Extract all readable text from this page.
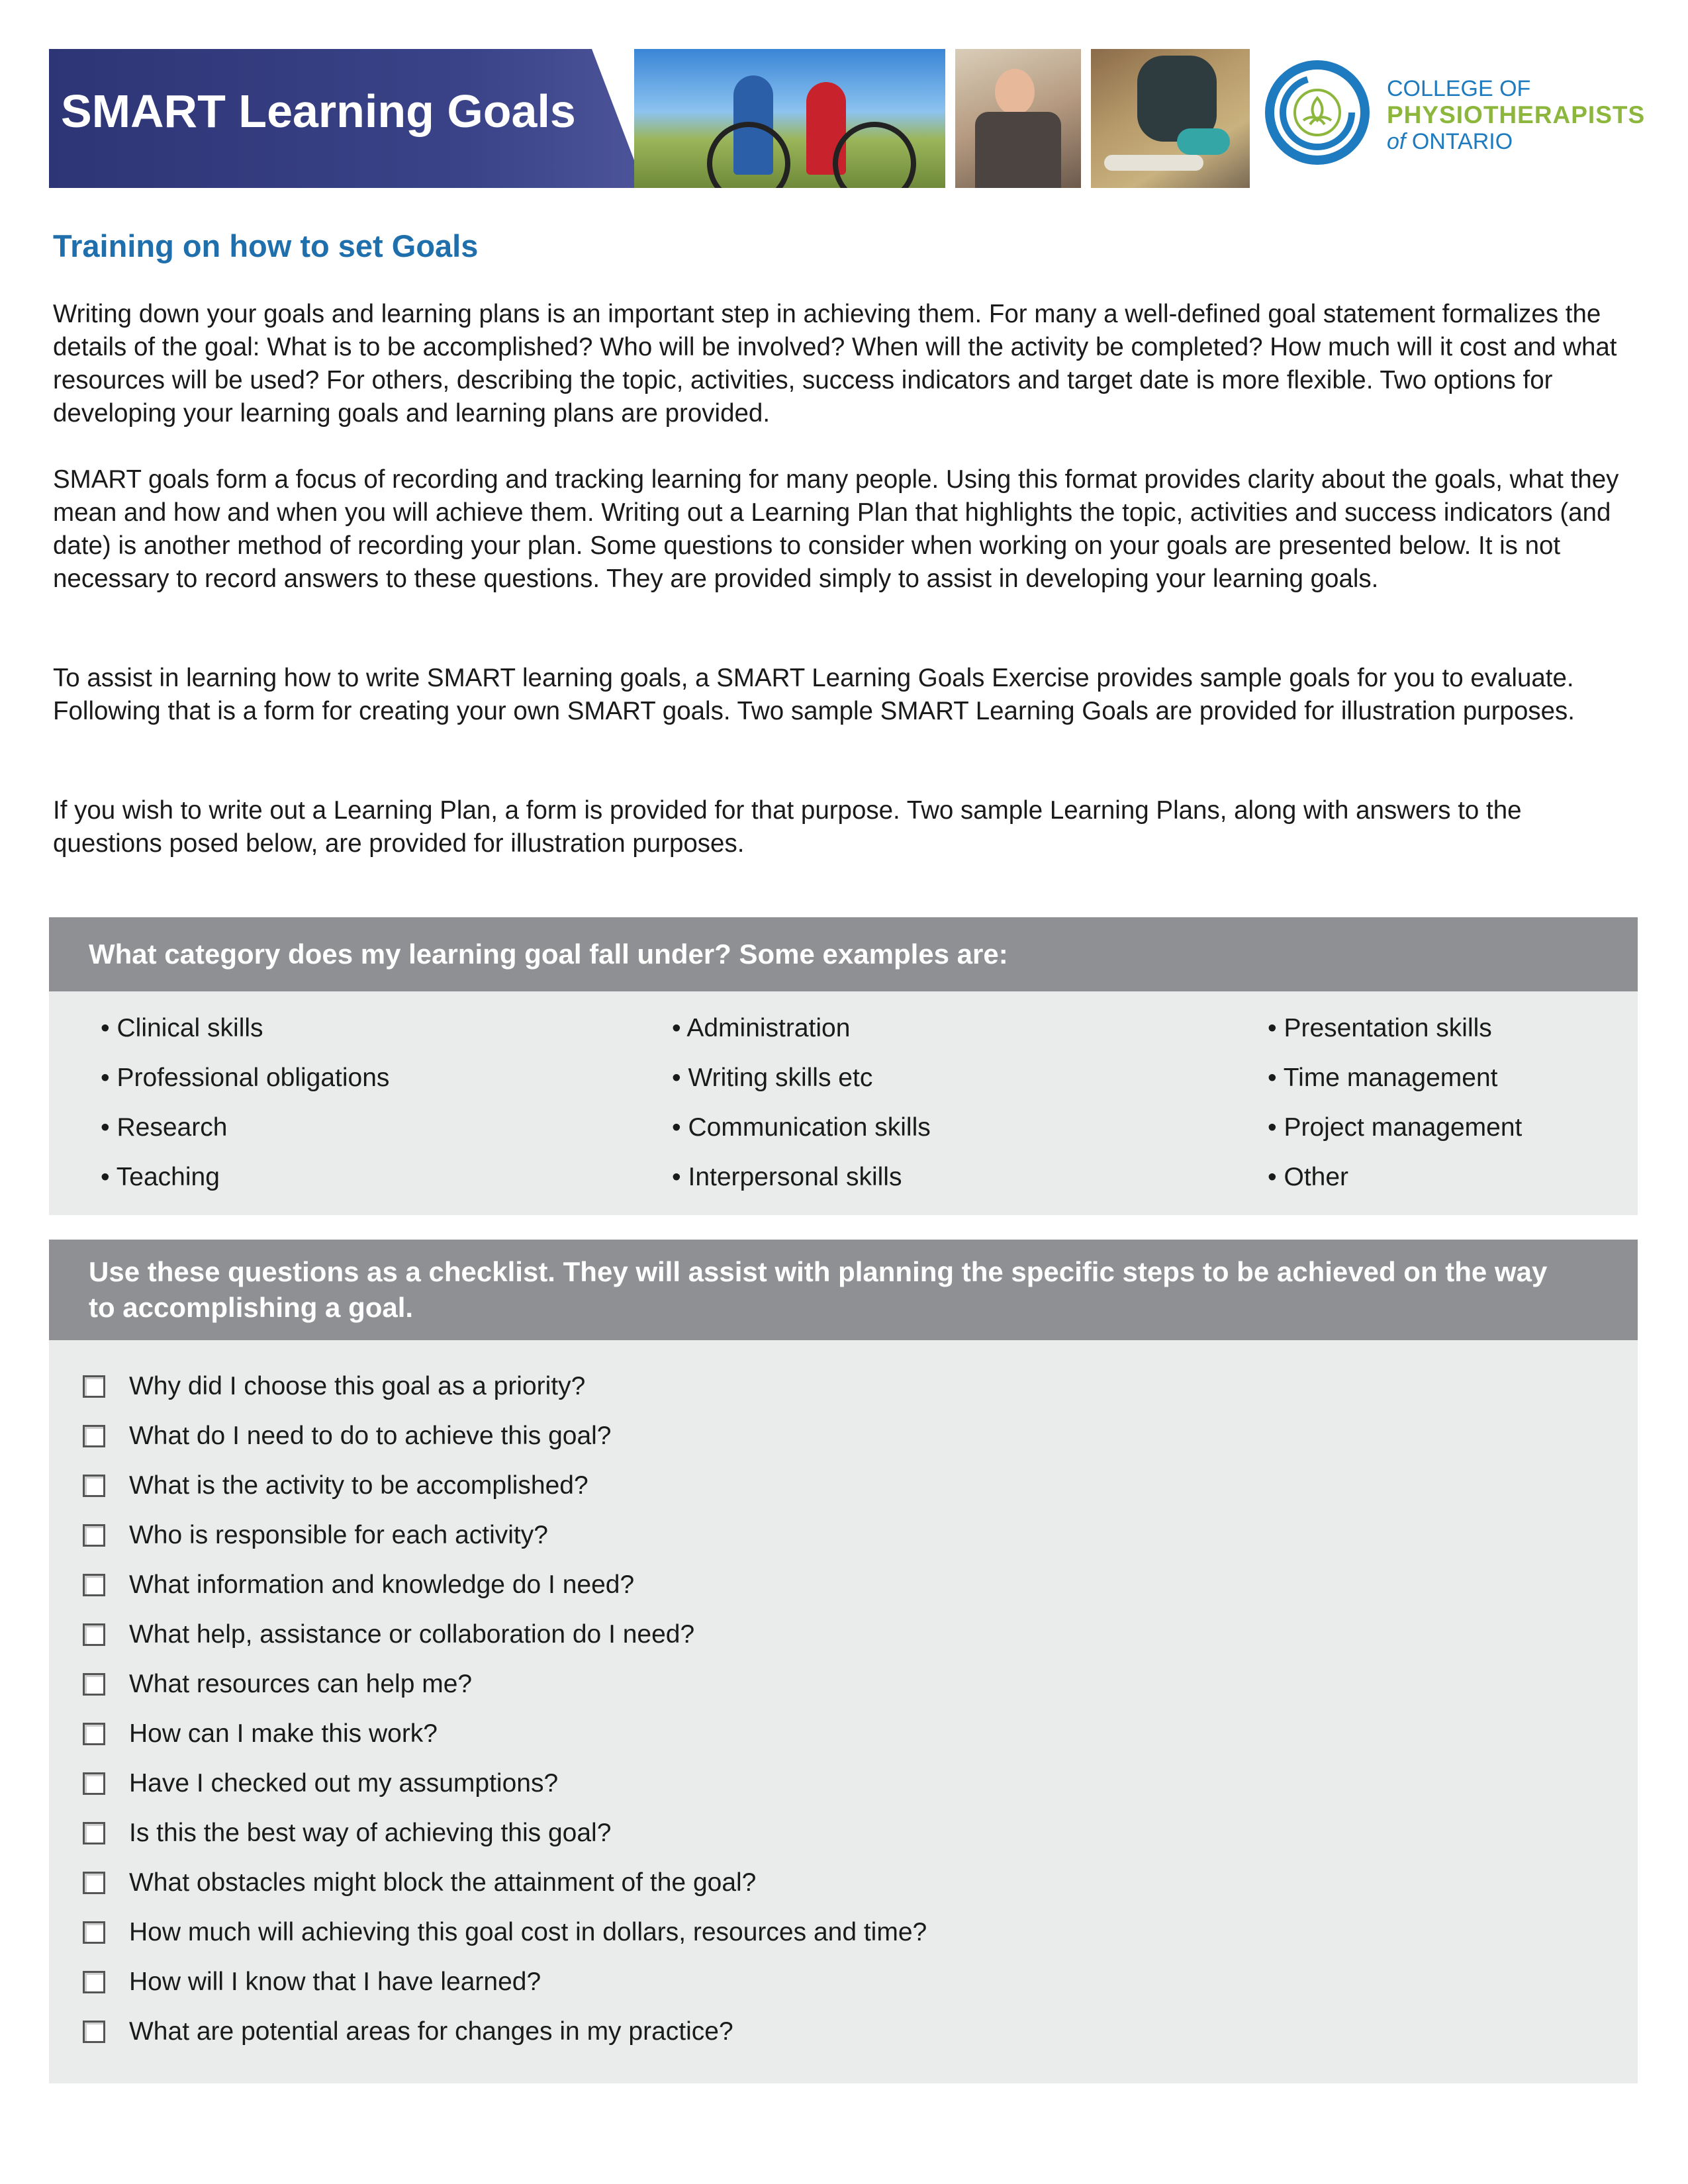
SMART Learning Goals	COLLEGE OF
PHYSIOTHERAPISTS
of ONTARIO
Training on how to set Goals
Writing down your goals and learning plans is an important step in achieving them. For many a well-defined goal statement formalizes the details of the goal: What is to be accomplished? Who will be involved? When will the activity be completed? How much will it cost and what resources will be used? For others, describing the topic, activities, success indicators and target date is more flexible. Two options for developing your learning goals and learning plans are provided.
SMART goals form a focus of recording and tracking learning for many people. Using this format provides clarity about the goals, what they mean and how and when you will achieve them. Writing out a Learning Plan that highlights the topic, activities and success indicators (and date) is another method of recording your plan. Some questions to consider when working on your goals are presented below. It is not necessary to record answers to these questions. They are provided simply to assist in developing your learning goals.
To assist in learning how to write SMART learning goals, a SMART Learning Goals Exercise provides sample goals for you to evaluate. Following that is a form for creating your own SMART goals. Two sample SMART Learning Goals are provided for illustration purposes.
If you wish to write out a Learning Plan, a form is provided for that purpose. Two sample Learning Plans, along with answers to the questions posed below, are provided for illustration purposes.
What category does my learning goal fall under? Some examples are:
• Clinical skills
• Professional obligations
• Research
• Teaching
• Administration
• Writing skills etc
• Communication skills
• Interpersonal skills
• Presentation skills
• Time management
• Project management
• Other
Use these questions as a checklist. They will assist with planning the specific steps to be achieved on the way to accomplishing a goal.
Why did I choose this goal as a priority?
What do I need to do to achieve this goal?
What is the activity to be accomplished?
Who is responsible for each activity?
What information and knowledge do I need?
What help, assistance or collaboration do I need?
What resources can help me?
How can I make this work?
Have I checked out my assumptions?
Is this the best way of achieving this goal?
What obstacles might block the attainment of the goal?
How much will achieving this goal cost in dollars, resources and time?
How will I know that I have learned?
What are potential areas for changes in my practice?
